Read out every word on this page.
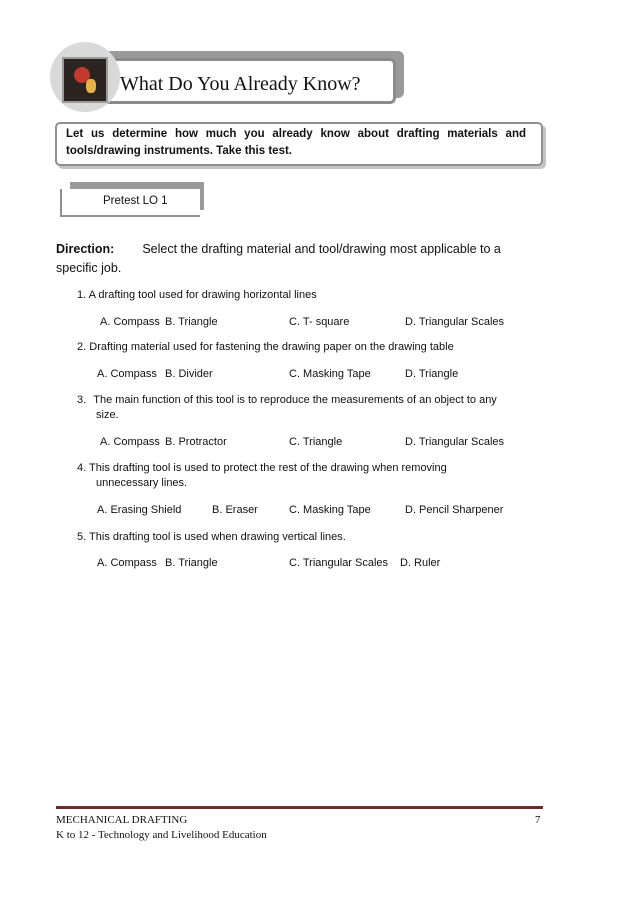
What Do You Already Know?
Let us determine how much you already know about drafting materials and tools/drawing instruments. Take this test.
Pretest LO 1
Direction: Select the drafting material and tool/drawing most applicable to a specific job.
1. A drafting tool used for drawing horizontal lines
A. Compass B. Triangle	C. T- square	D. Triangular Scales
2. Drafting material used for fastening the drawing paper on the drawing table
A. Compass B. Divider	C. Masking Tape	D. Triangle
3. The main function of this tool is to reproduce the measurements of an object to any
size.
A. Compass B. Protractor	C. Triangle	D. Triangular Scales
4. This drafting tool is used to protect the rest of the drawing when removing
unnecessary lines.
A. Erasing Shield	B. Eraser	C. Masking Tape	D. Pencil Sharpener
5. This drafting tool is used when drawing vertical lines.
A. Compass B. Triangle	C. Triangular Scales D. Ruler
MECHANICAL DRAFTING
K to 12 - Technology and Livelihood Education
7
